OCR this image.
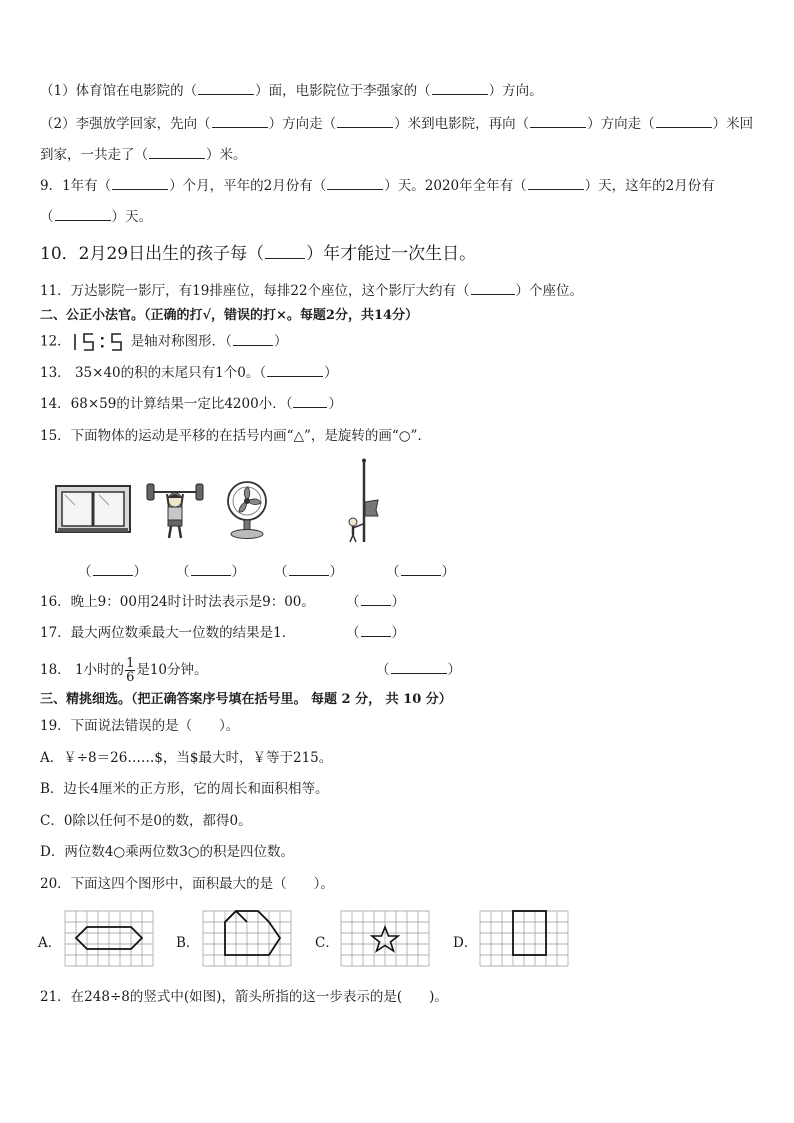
（1）体育馆在电影院的（	）面，电影院位于李强家的（	）方向。
（2）李强放学回家，先向（	）方向走（	）米到电影院，再向（	）方向走（	）米回
到家，一共走了（	）米。
9．1年有（	）个月，平年的2月份有（	）天。2020年全年有（	）天，这年的2月份有
（	）天。
10．2月29日出生的孩子每（ ）年才能过一次生日。
11．万达影院一影厅，有19排座位，每排22个座位，这个影厅大约有（	）个座位。
二、公正小法官。（正确的打√，错误的打×。每题2分，共14分）
12．	是轴对称图形．（	）
13． 35×40的积的末尾只有1个0。（	）
14．68×59的计算结果一定比4200小．（	）
15．下面物体的运动是平移的在括号内画“△”，是旋转的画“○”．
（	） （	） （	）	（	）
16．晚上9：00用24时计时法表示是9：00。 （ ）
17．最大两位数乘最大一位数的结果是1．	（ ）
18． 1小时的 $\frac{1}{6}$ 是10分钟。	（	）
三、精挑细选。（把正确答案序号填在括号里。 每题 2 分， 共 10 分）
19．下面说法错误的是（　　）。
A．￥÷8＝26……$，当$最大时，￥等于215。
B．边长4厘米的正方形，它的周长和面积相等。
C．0除以任何不是0的数，都得0。
D．两位数4○乘两位数3○的积是四位数。
20．下面这四个图形中，面积最大的是（　　）。
A．	B．	C．	D．
21．在248÷8的竖式中(如图)，箭头所指的这一步表示的是(　　)。
